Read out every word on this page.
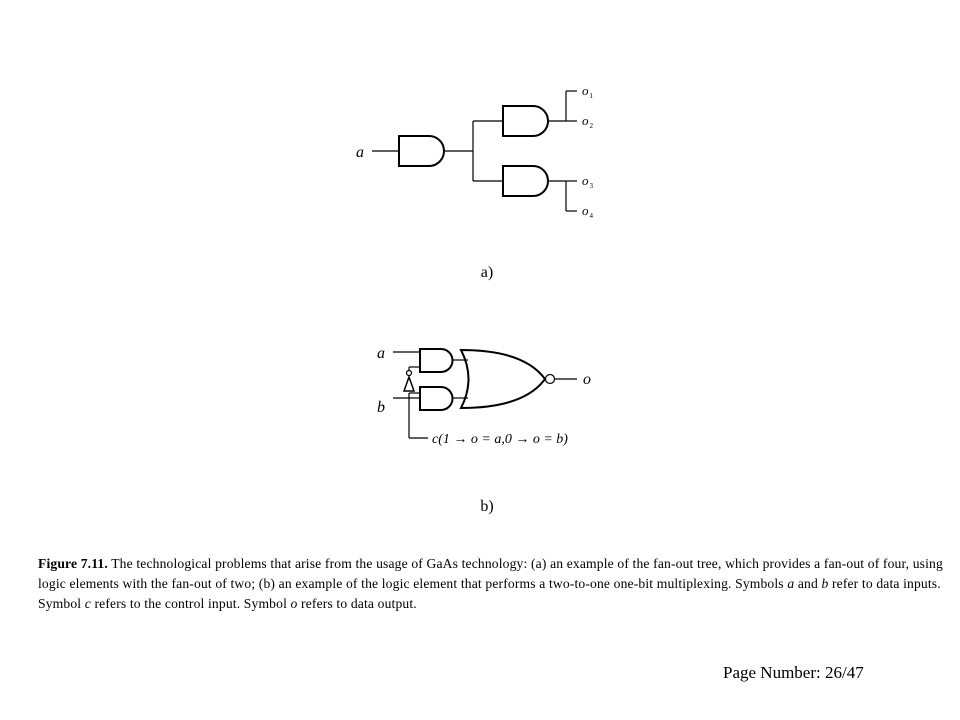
a
$o_1$
$o_2$
$o_3$
$o_4$
a
b
o
c(1 → o = a,0 → o = b)
a)
b)
Figure 7.11. The technological problems that arise from the usage of GaAs technology: (a) an example of the fan-out tree, which provides a fan-out of four, using logic elements with the fan-out of two; (b) an example of the logic element that performs a two-to-one one-bit multiplexing. Symbols a and b refer to data inputs. Symbol c refers to the control input. Symbol o refers to data output.
Page Number: 26/47
